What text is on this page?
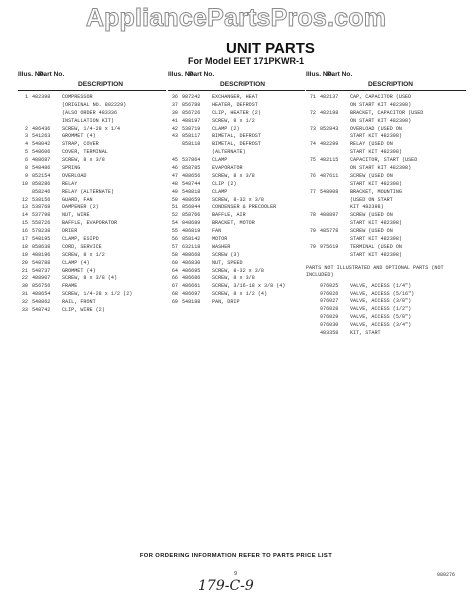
AppliancePartsPros.com
UNIT PARTS
For Model EET 171PKWR-1
Illus. No.
Part No.
DESCRIPTION
1 482398 COMPRESSOR
(ORIGINAL NO. 802229)
(ALSO ORDER 483336
INSTALLATION KIT)
2 486436 SCREW, 1/4-28 x 1/4
3 541263 GROMMET (4)
4 548042 STRAP, COVER
5 548606 COVER, TERMINAL
6 488687 SCREW, 8 x 3/8
8 548486 SPRING
9 852154 OVERLOAD
10 858286 RELAY
858246 RELAY (ALTERNATE)
12 538156 GUARD, FAN
13 538768 DAMPENER (2)
14 537798 NUT, WIRE
15 558726 BAFFLE, EVAPORATOR
16 578238 DRIER
17 548195 CLAMP, ESIPD
18 858638 CORD, SERVICE
19 488196 SCREW, 8 x 1/2
20 548788 CLAMP (4)
21 548737 GROMMET (4)
22 488907 SCREW, 8 x 3/8 (4)
30 856756 FRAME
31 488654 SCREW, 1/4-28 x 1/2 (2)
32 548862 RAIL, FRONT
33 548742 CLIP, WIRE (2)
Illus. No.
Part No.
DESCRIPTION
36 987242 EXCHANGER, HEAT
37 856788 HEATER, DEFROST
39 856726 CLIP, HEATER (2)
41 488197 SCREW, 8 x 1/2
42 538719 CLAMP (2)
43 858117 BIMETAL, DEFROST
858118 BIMETAL, DEFROST
(ALTERNATE)
45 537864 CLAMP
46 858785 EVAPORATOR
47 488656 SCREW, 8 x 3/8
48 548744 CLIP (2)
49 548818 CLAMP
50 488659 SCREW, 8-32 x 3/8
51 856844 CONDENSER & PRECOOLER
52 858766 BAFFLE, AIR
54 848689 BRACKET, MOTOR
55 486819 FAN
56 858142 MOTOR
57 632118 WASHER
58 488668 SCREW (3)
60 486830 NUT, SPEED
64 486695 SCREW, 8-32 x 3/8
66 486686 SCREW, 8 x 3/8
67 486661 SCREW, 3/16-18 x 3/8 (4)
68 486697 SCREW, 8 x 1/2 (4)
69 548188 PAN, DRIP
Illus. No.
Part No.
DESCRIPTION
71 482137 CAP, CAPACITOR (USED
ON START KIT 482398)
72 482198 BRACKET, CAPACITOR (USED
ON START KIT 482398)
73 852843 OVERLOAD (USED ON
START KIT 482398)
74 482299 RELAY (USED ON
START KIT 482398)
75 482115 CAPACITOR, START (USED
ON START KIT 482398)
76 487611 SCREW (USED ON
START KIT 482398)
77 548908 BRACKET, MOUNTING
(USED ON START
KIT 482398)
78 488897 SCREW (USED ON
START KIT 482398)
79 485778 SCREW (USED ON
START KIT 482398)
79 975619 TERMINAL (USED ON
START KIT 482398)
PARTS NOT ILLUSTRATED AND OPTIONAL PARTS (NOT INCLUDED)
976025 VALVE, ACCESS (1/4")
976026 VALVE, ACCESS (5/16")
976027 VALVE, ACCESS (3/8")
976028 VALVE, ACCESS (1/2")
976029 VALVE, ACCESS (5/8")
976030 VALVE, ACCESS (3/4")
483358 KIT, START
FOR ORDERING INFORMATION REFER TO PARTS PRICE LIST
9	080276
179-C-9
